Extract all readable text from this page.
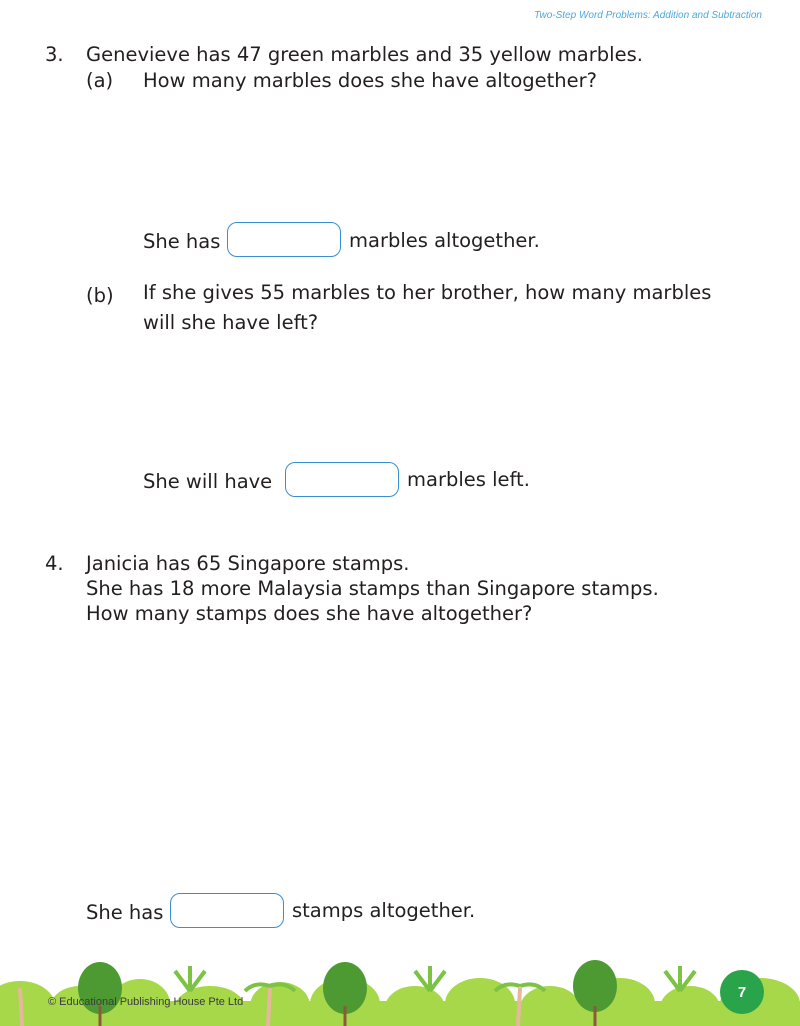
Two-Step Word Problems: Addition and Subtraction
3. Genevieve has 47 green marbles and 35 yellow marbles.
(a) How many marbles does she have altogether?
She has	marbles altogether.
(b) If she gives 55 marbles to her brother, how many marbles
will she have left?
She will have	marbles left.
4. Janicia has 65 Singapore stamps.
She has 18 more Malaysia stamps than Singapore stamps.
How many stamps does she have altogether?
She has	stamps altogether.
© Educational Publishing House Pte Ltd
7
